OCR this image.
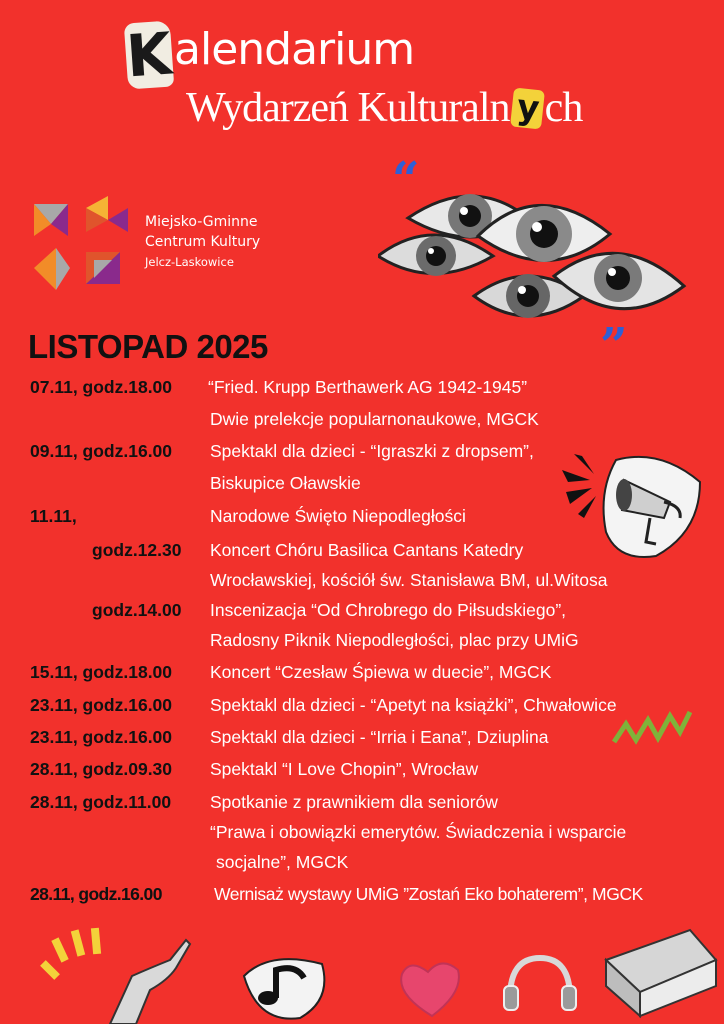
K alendarium
Wydarzeń Kulturaln y ch
Miejsko-Gminne
Centrum Kultury
Jelcz-Laskowice
“
”
LISTOPAD 2025
07.11, godz.18.00 “Fried. Krupp Berthawerk AG 1942-1945”
Dwie prelekcje popularnonaukowe, MGCK
09.11, godz.16.00 Spektakl dla dzieci - “Igraszki z dropsem”,
Biskupice Oławskie
11.11,	Narodowe Święto Niepodległości
godz.12.30 Koncert Chóru Basilica Cantans Katedry
Wrocławskiej, kościół św. Stanisława BM, ul.Witosa
godz.14.00 Inscenizacja “Od Chrobrego do Piłsudskiego”,
Radosny Piknik Niepodległości, plac przy UMiG
15.11, godz.18.00 Koncert “Czesław Śpiewa w duecie”, MGCK
23.11, godz.16.00 Spektakl dla dzieci - “Apetyt na książki”, Chwałowice
23.11, godz.16.00 Spektakl dla dzieci - “Irria i Eana”, Dziuplina
28.11, godz.09.30 Spektakl “I Love Chopin”, Wrocław
28.11, godz.11.00 Spotkanie z prawnikiem dla seniorów
“Prawa i obowiązki emerytów. Świadczenia i wsparcie
socjalne”, MGCK
28.11, godz.16.00	Wernisaż wystawy UMiG ”Zostań Eko bohaterem”, MGCK
